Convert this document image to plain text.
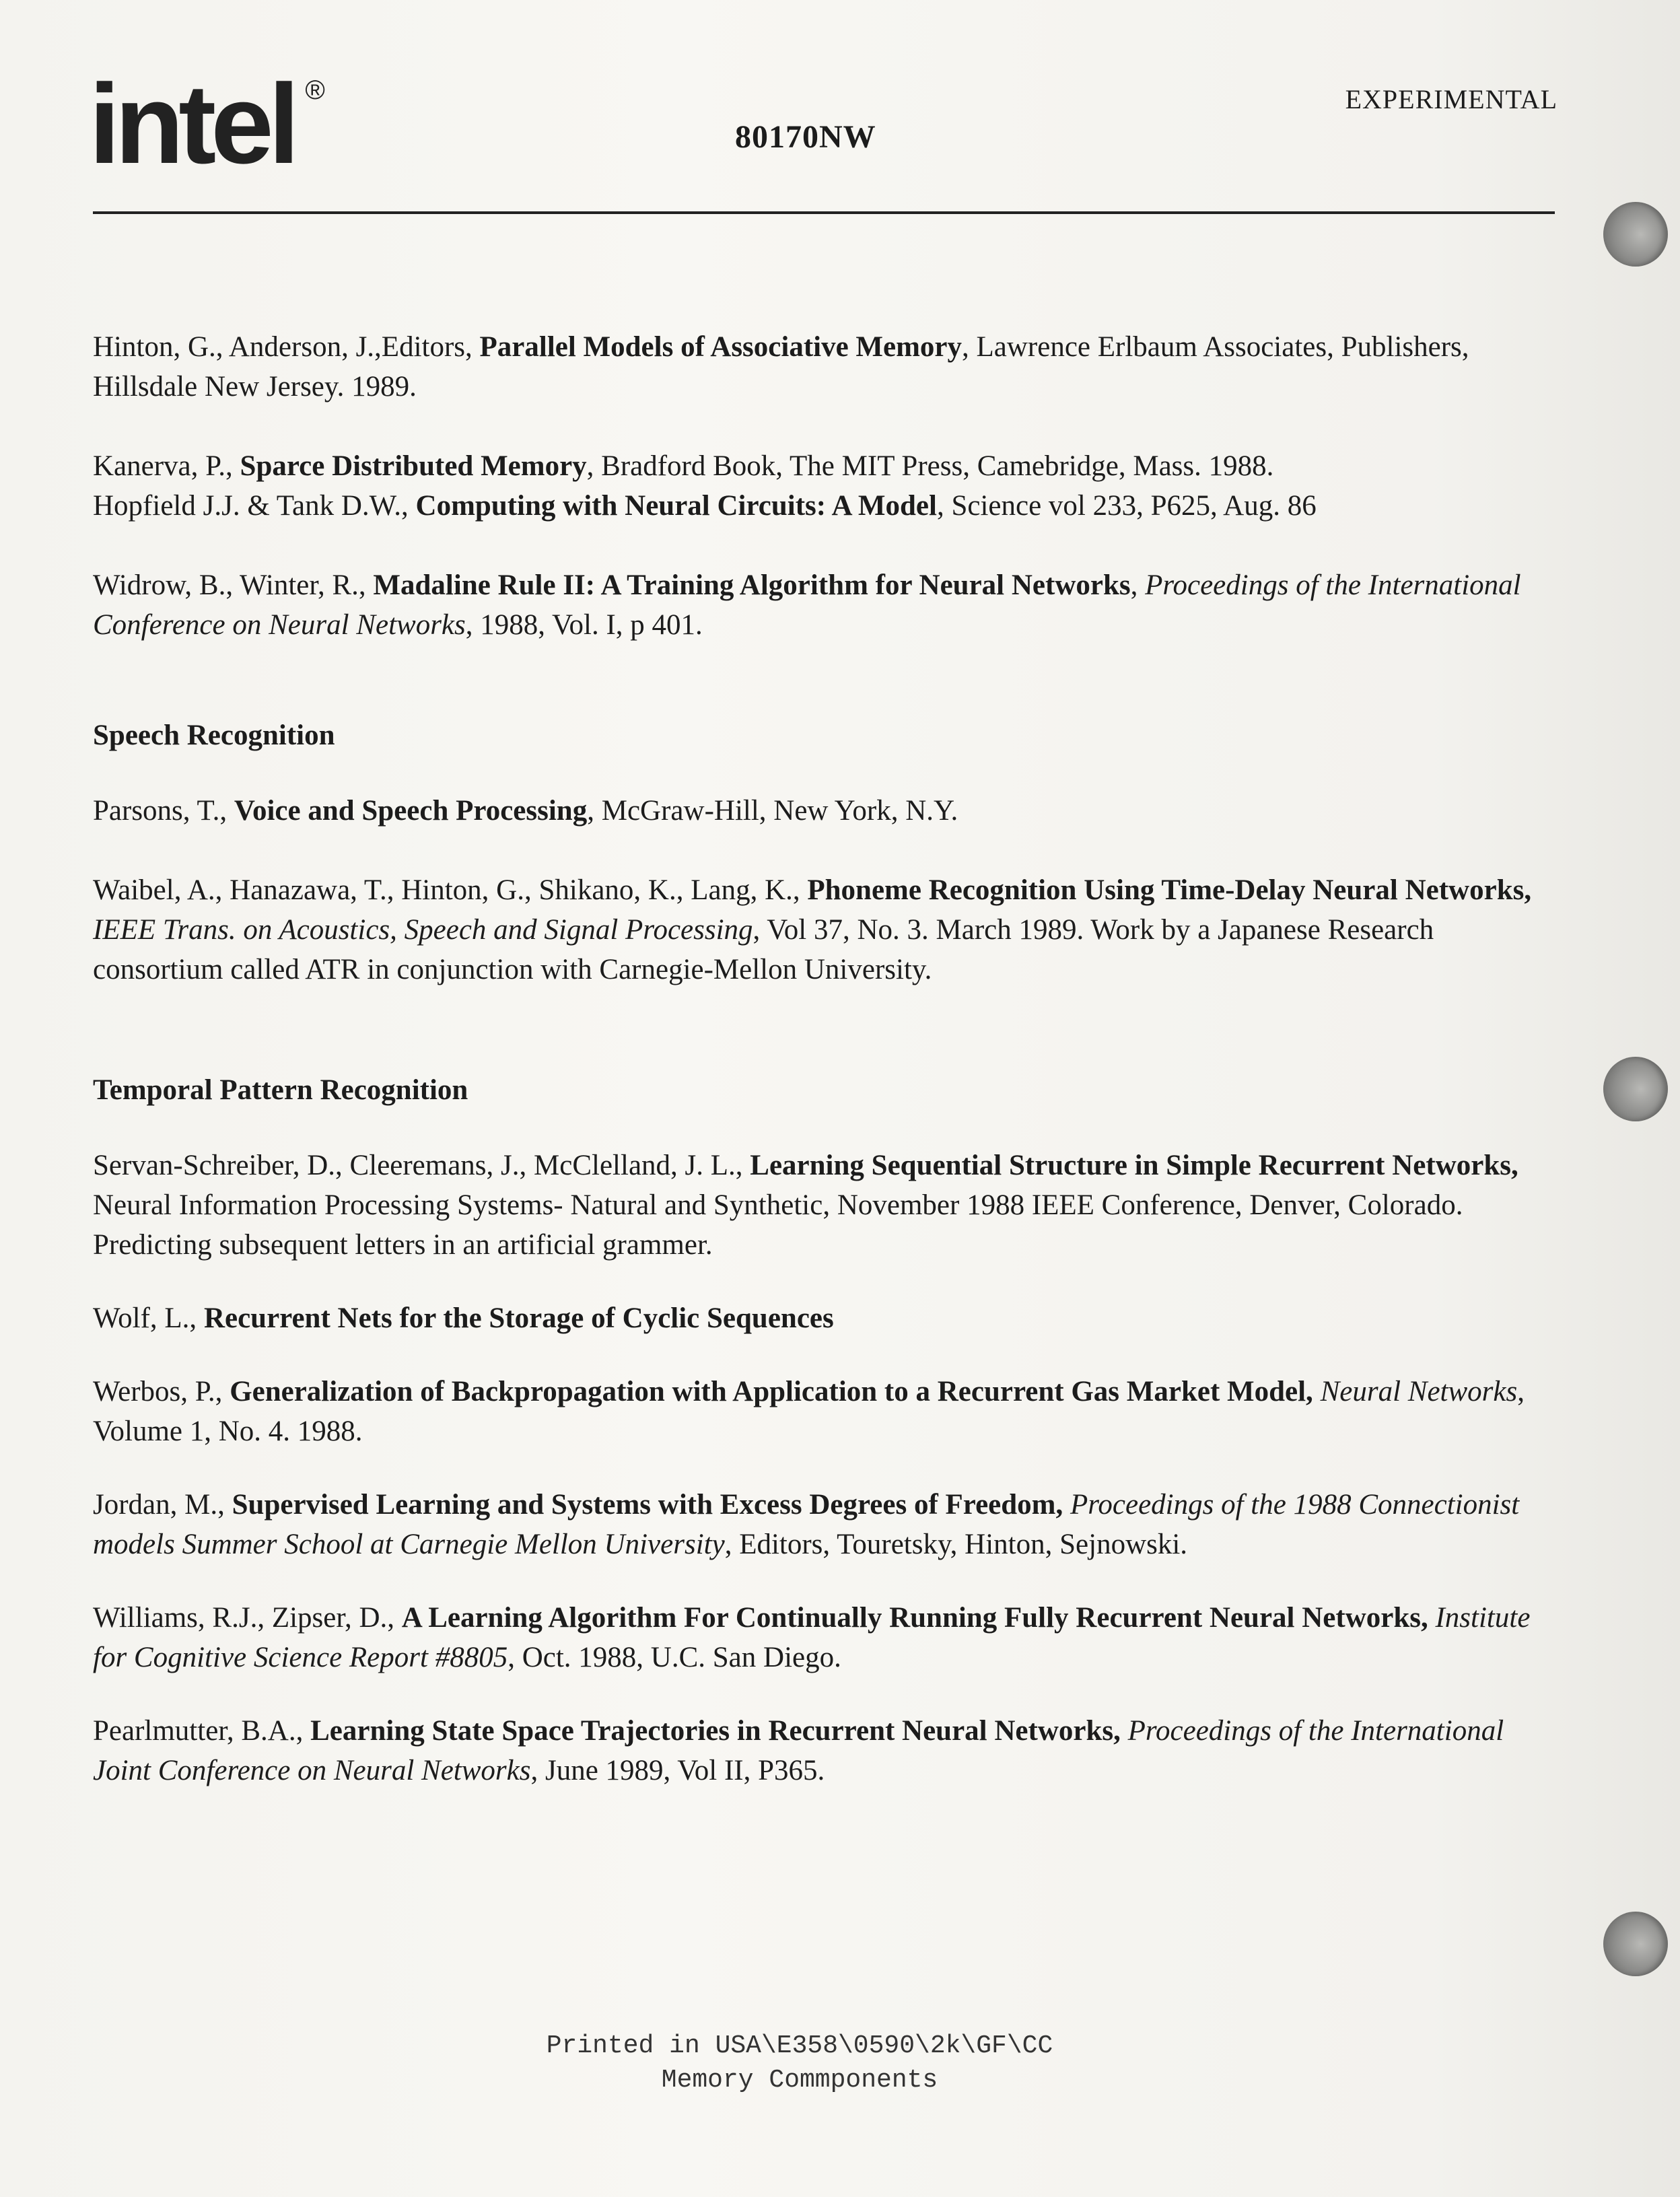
intel ®
80170NW
EXPERIMENTAL

Hinton, G., Anderson, J.,Editors, Parallel Models of Associative Memory, Lawrence Erlbaum Associates, Publishers, Hillsdale New Jersey. 1989.

Kanerva, P., Sparce Distributed Memory, Bradford Book, The MIT Press, Camebridge, Mass. 1988.

Hopfield J.J. & Tank D.W., Computing with Neural Circuits: A Model, Science vol 233, P625, Aug. 86

Widrow, B., Winter, R., Madaline Rule II: A Training Algorithm for Neural Networks, Proceedings of the International Conference on Neural Networks, 1988, Vol. I, p 401.

Speech Recognition

Parsons, T., Voice and Speech Processing, McGraw-Hill, New York, N.Y.

Waibel, A., Hanazawa, T., Hinton, G., Shikano, K., Lang, K., Phoneme Recognition Using Time-Delay Neural Networks, IEEE Trans. on Acoustics, Speech and Signal Processing, Vol 37, No. 3. March 1989. Work by a Japanese Research consortium called ATR in conjunction with Carnegie-Mellon University.

Temporal Pattern Recognition

Servan-Schreiber, D., Cleeremans, J., McClelland, J. L., Learning Sequential Structure in Simple Recurrent Networks, Neural Information Processing Systems- Natural and Synthetic, November 1988 IEEE Conference, Denver, Colorado. Predicting subsequent letters in an artificial grammer.

Wolf, L., Recurrent Nets for the Storage of Cyclic Sequences

Werbos, P., Generalization of Backpropagation with Application to a Recurrent Gas Market Model, Neural Networks, Volume 1, No. 4. 1988.

Jordan, M., Supervised Learning and Systems with Excess Degrees of Freedom, Proceedings of the 1988 Connectionist models Summer School at Carnegie Mellon University, Editors, Touretsky, Hinton, Sejnowski.

Williams, R.J., Zipser, D., A Learning Algorithm For Continually Running Fully Recurrent Neural Networks, Institute for Cognitive Science Report #8805, Oct. 1988, U.C. San Diego.

Pearlmutter, B.A., Learning State Space Trajectories in Recurrent Neural Networks, Proceedings of the International Joint Conference on Neural Networks, June 1989, Vol II, P365.

Printed in USA\E358\0590\2k\GF\CC
Memory Commponents
